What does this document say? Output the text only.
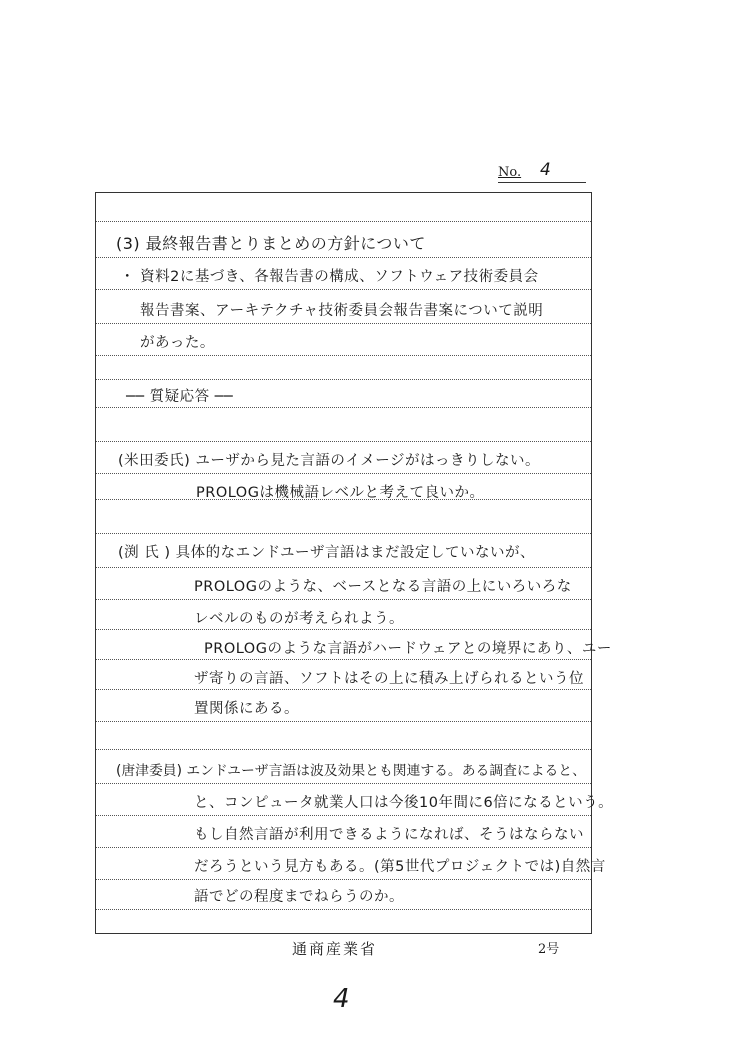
No. 4
(3) 最終報告書とりまとめの方針について
・ 資料2に基づき、各報告書の構成、ソフトウェア技術委員会
報告書案、アーキテクチャ技術委員会報告書案について説明
があった。
── 質疑応答 ──
(米田委氏) ユーザから見た言語のイメージがはっきりしない。
PROLOGは機械語レベルと考えて良いか。
(渕 氏 ) 具体的なエンドユーザ言語はまだ設定していないが、
PROLOGのような、ベースとなる言語の上にいろいろな
レベルのものが考えられよう。
PROLOGのような言語がハードウェアとの境界にあり、ユー
ザ寄りの言語、ソフトはその上に積み上げられるという位
置関係にある。
(唐津委員) エンドユーザ言語は波及効果とも関連する。ある調査によると、
と、コンピュータ就業人口は今後10年間に6倍になるという。
もし自然言語が利用できるようになれば、そうはならない
だろうという見方もある。(第5世代プロジェクトでは)自然言
語でどの程度までねらうのか。
通商産業省	2号
4
